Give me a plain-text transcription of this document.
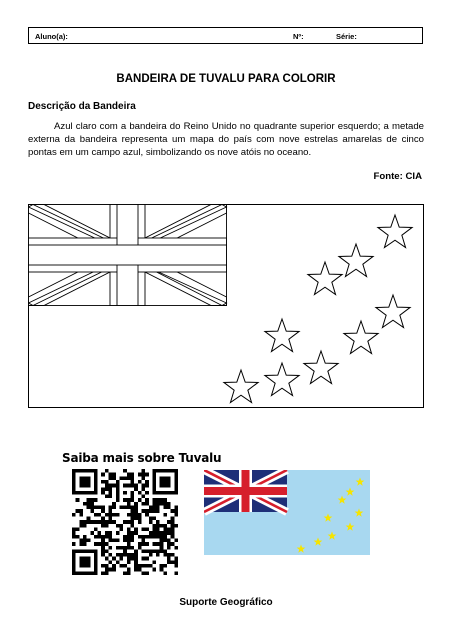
Aluno(a):	Nº:	Série:
BANDEIRA DE TUVALU PARA COLORIR
Descrição da Bandeira
Azul claro com a bandeira do Reino Unido no quadrante superior esquerdo; a metade externa da bandeira representa um mapa do país com nove estrelas amarelas de cinco pontas em um campo azul, simbolizando os nove atóis no oceano.
Fonte: CIA
Saiba mais sobre Tuvalu
Suporte Geográfico
